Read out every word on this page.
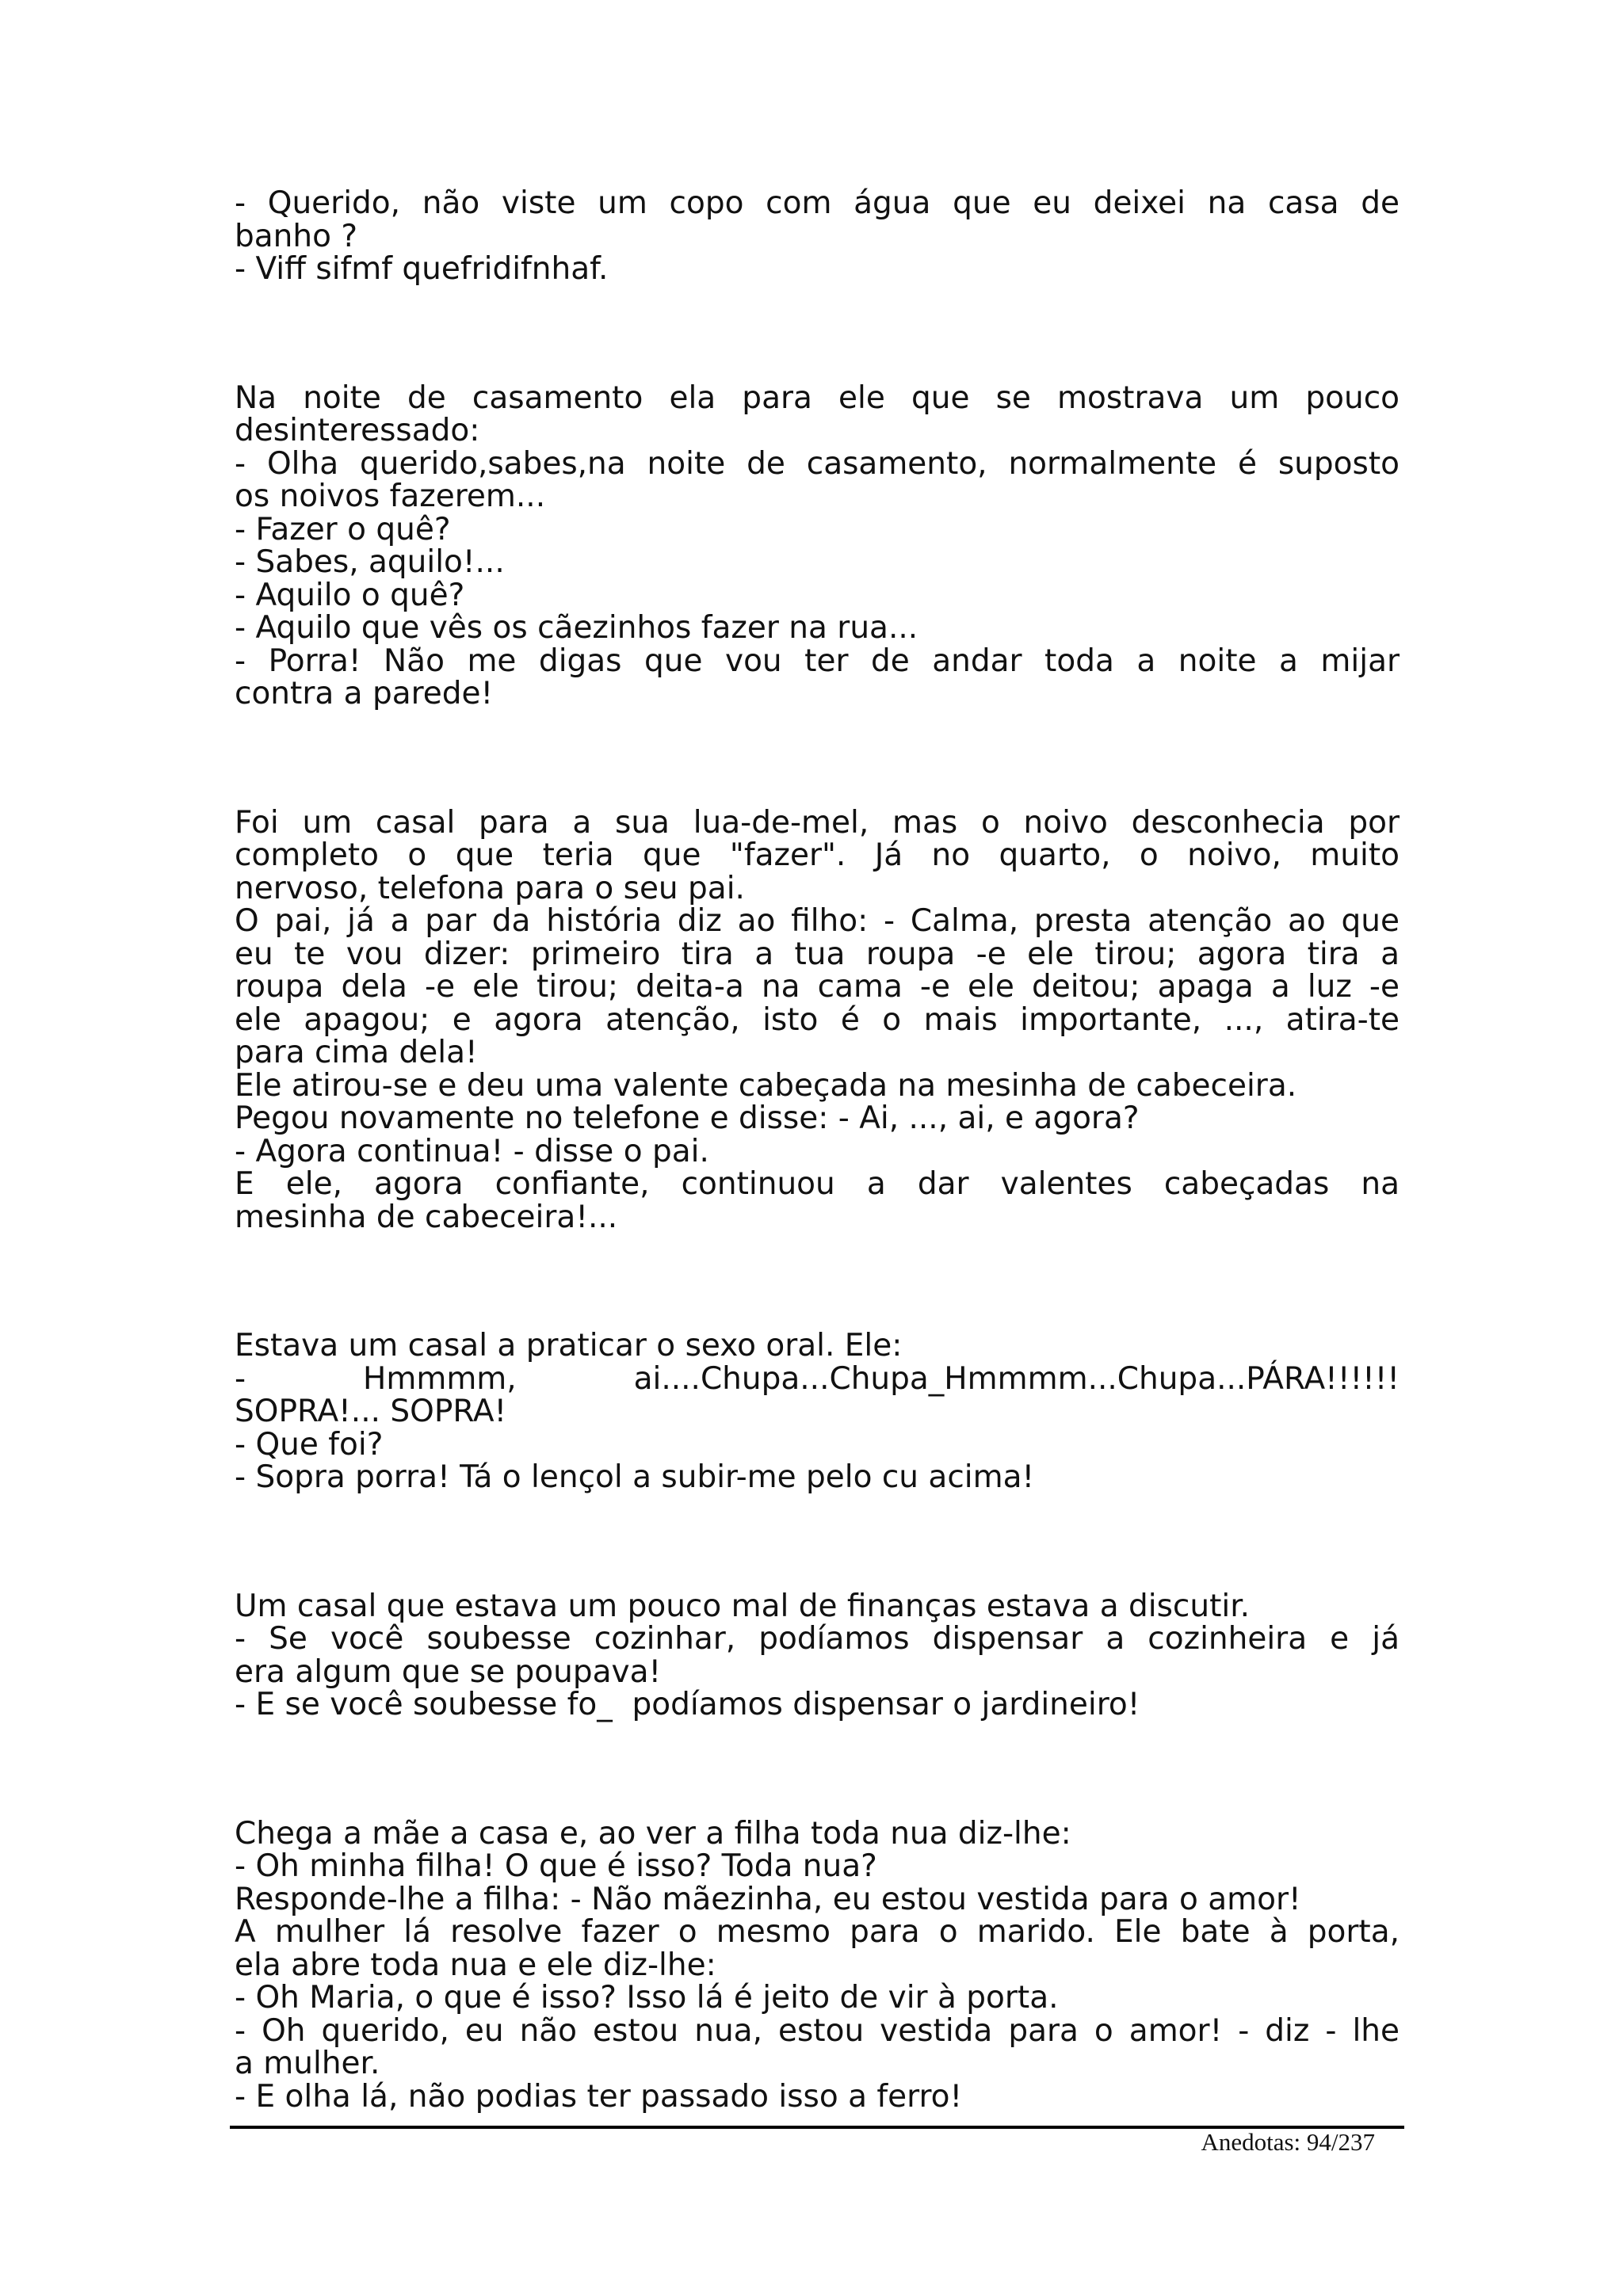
- Querido, não viste um copo com água que eu deixei na casa de
banho ?
- Viff sifmf quefridifnhaf.
Na noite de casamento ela para ele que se mostrava um pouco
desinteressado:
- Olha querido,sabes,na noite de casamento, normalmente é suposto
os noivos fazerem...
- Fazer o quê?
- Sabes, aquilo!...
- Aquilo o quê?
- Aquilo que vês os cãezinhos fazer na rua...
- Porra! Não me digas que vou ter de andar toda a noite a mijar
contra a parede!
Foi um casal para a sua lua-de-mel, mas o noivo desconhecia por
completo o que teria que "fazer". Já no quarto, o noivo, muito
nervoso, telefona para o seu pai.
O pai, já a par da história diz ao filho: - Calma, presta atenção ao que
eu te vou dizer: primeiro tira a tua roupa -e ele tirou; agora tira a
roupa dela -e ele tirou; deita-a na cama -e ele deitou; apaga a luz -e
ele apagou; e agora atenção, isto é o mais importante, ..., atira-te
para cima dela!
Ele atirou-se e deu uma valente cabeçada na mesinha de cabeceira.
Pegou novamente no telefone e disse: - Ai, ..., ai, e agora?
- Agora continua! - disse o pai.
E ele, agora confiante, continuou a dar valentes cabeçadas na
mesinha de cabeceira!...
Estava um casal a praticar o sexo oral. Ele:
- Hmmmm, ai....Chupa...Chupa_Hmmmm...Chupa...PÁRA!!!!!!
SOPRA!... SOPRA!
- Que foi?
- Sopra porra! Tá o lençol a subir-me pelo cu acima!
Um casal que estava um pouco mal de finanças estava a discutir.
- Se você soubesse cozinhar, podíamos dispensar a cozinheira e já
era algum que se poupava!
- E se você soubesse fo_  podíamos dispensar o jardineiro!
Chega a mãe a casa e, ao ver a filha toda nua diz-lhe:
- Oh minha filha! O que é isso? Toda nua?
Responde-lhe a filha: - Não mãezinha, eu estou vestida para o amor!
A mulher lá resolve fazer o mesmo para o marido. Ele bate à porta,
ela abre toda nua e ele diz-lhe:
- Oh Maria, o que é isso? Isso lá é jeito de vir à porta.
- Oh querido, eu não estou nua, estou vestida para o amor! - diz - lhe
a mulher.
- E olha lá, não podias ter passado isso a ferro!
Anedotas: 94/237
